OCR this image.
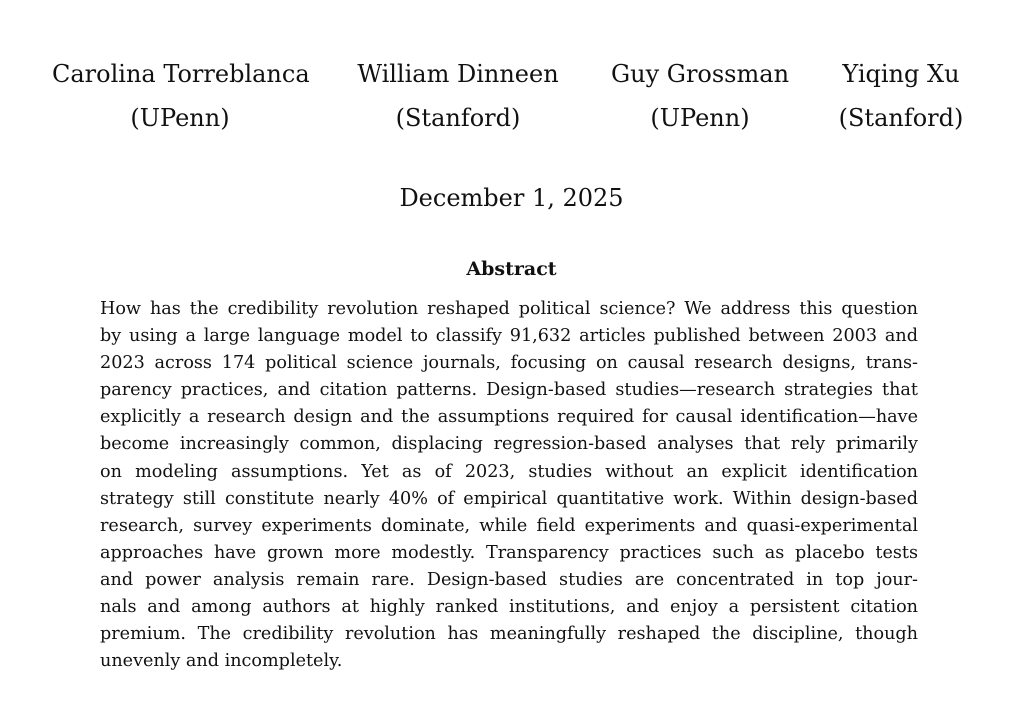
Carolina Torreblanca
(UPenn)
William Dinneen
(Stanford)
Guy Grossman
(UPenn)
Yiqing Xu
(Stanford)
December 1, 2025
Abstract

How has the credibility revolution reshaped political science? We address this question
by using a large language model to classify 91,632 articles published between 2003 and
2023 across 174 political science journals, focusing on causal research designs, trans-
parency practices, and citation patterns. Design-based studies—research strategies that
explicitly a research design and the assumptions required for causal identification—have
become increasingly common, displacing regression-based analyses that rely primarily
on modeling assumptions. Yet as of 2023, studies without an explicit identification
strategy still constitute nearly 40% of empirical quantitative work. Within design-based
research, survey experiments dominate, while field experiments and quasi-experimental
approaches have grown more modestly. Transparency practices such as placebo tests
and power analysis remain rare. Design-based studies are concentrated in top jour-
nals and among authors at highly ranked institutions, and enjoy a persistent citation
premium. The credibility revolution has meaningfully reshaped the discipline, though
unevenly and incompletely.
